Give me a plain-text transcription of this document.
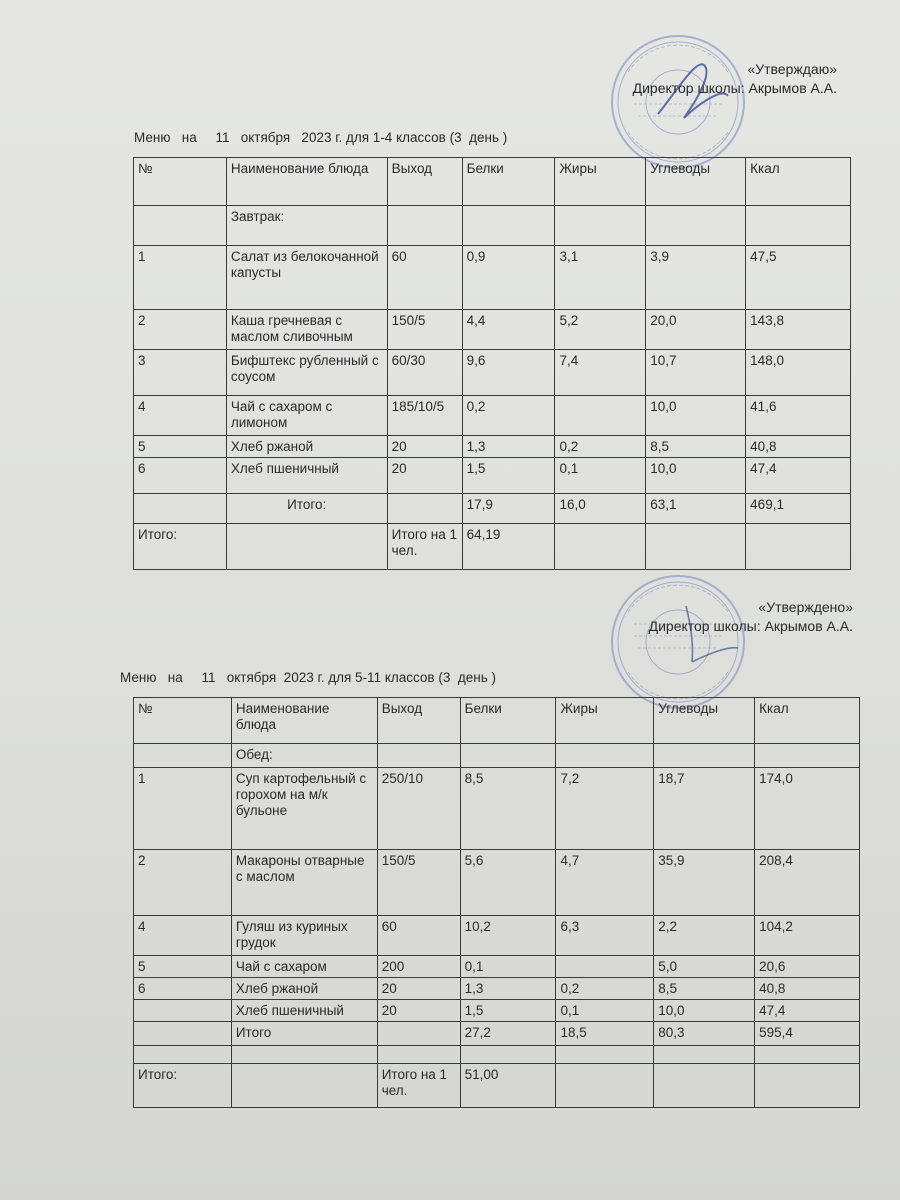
«Утверждаю»
Директор школы: Акрымов А.А.
Меню   на     11   октября   2023 г. для 1-4 классов (3  день )
№	Наименование блюда	Выход	Белки	Жиры	Углеводы	Ккал
	Завтрак:					
1	Салат из белокочанной капусты	60	0,9	3,1	3,9	47,5
2	Каша гречневая с маслом сливочным	150/5	4,4	5,2	20,0	143,8
3	Бифштекс рубленный с соусом	60/30	9,6	7,4	10,7	148,0
4	Чай с сахаром с лимоном	185/10/5	0,2		10,0	41,6
5	Хлеб ржаной	20	1,3	0,2	8,5	40,8
6	Хлеб пшеничный	20	1,5	0,1	10,0	47,4
	Итого:		17,9	16,0	63,1	469,1
Итого:		Итого на 1 чел.	64,19			
«Утверждено»
Директор школы: Акрымов А.А.
Меню   на     11   октября  2023 г. для 5-11 классов (3  день )
№	Наименование блюда	Выход	Белки	Жиры	Углеводы	Ккал
	Обед:					
1	Суп картофельный с горохом на м/к бульоне	250/10	8,5	7,2	18,7	174,0
2	Макароны отварные с маслом	150/5	5,6	4,7	35,9	208,4
4	Гуляш из куриных грудок	60	10,2	6,3	2,2	104,2
5	Чай с сахаром	200	0,1		5,0	20,6
6	Хлеб ржаной	20	1,3	0,2	8,5	40,8
	Хлеб пшеничный	20	1,5	0,1	10,0	47,4
	Итого		27,2	18,5	80,3	595,4

Итого:		Итого на 1 чел.	51,00			
